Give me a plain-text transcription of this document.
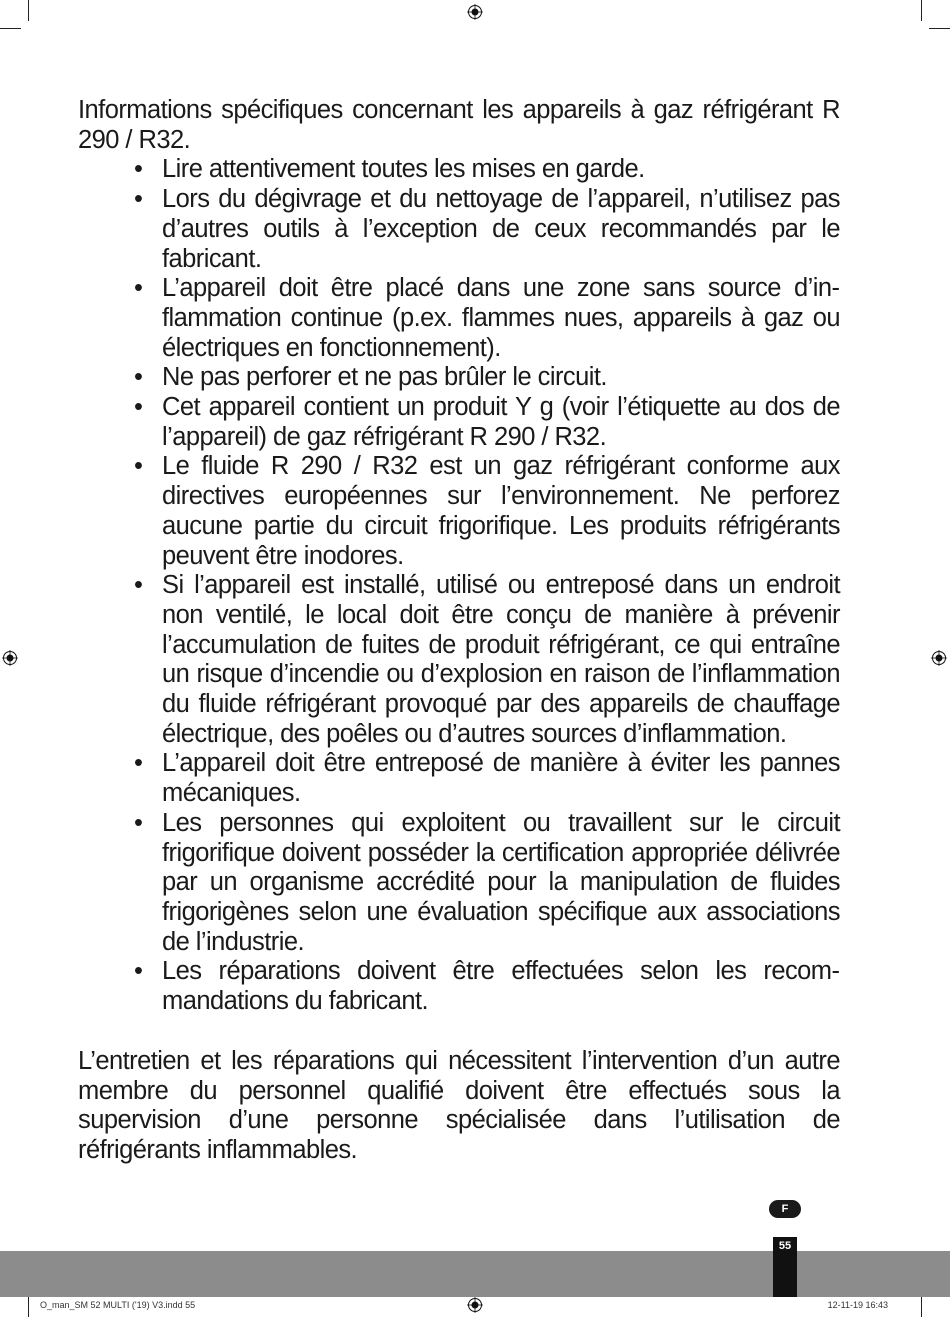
Informations spécifiques concernant les appareils à gaz réfrigérant R 290 / R32.

• Lire attentivement toutes les mises en garde.
• Lors du dégivrage et du nettoyage de l’appareil, n’utilisez pas d’autres outils à l’exception de ceux recommandés par le fabricant.
• L’appareil doit être placé dans une zone sans source d’inflammation continue (p.ex. flammes nues, appareils à gaz ou électriques en fonctionnement).
• Ne pas perforer et ne pas brûler le circuit.
• Cet appareil contient un produit Y g (voir l’étiquette au dos de l’appareil) de gaz réfrigérant R 290 / R32.
• Le fluide R 290 / R32 est un gaz réfrigérant conforme aux directives européennes sur l’environnement. Ne perforez aucune partie du circuit frigorifique. Les produits réfrigérants peuvent être inodores.
• Si l’appareil est installé, utilisé ou entreposé dans un endroit non ventilé, le local doit être conçu de manière à prévenir l’accumulation de fuites de produit réfrigérant, ce qui entraîne un risque d’incendie ou d’explosion en raison de l’inflammation du fluide réfrigérant provoqué par des appareils de chauffage électrique, des poêles ou d’autres sources d’inflammation.
• L’appareil doit être entreposé de manière à éviter les pannes mécaniques.
• Les personnes qui exploitent ou travaillent sur le circuit frigorifique doivent posséder la certification appropriée délivrée par un organisme accrédité pour la manipulation de fluides frigorigènes selon une évaluation spécifique aux associations de l’industrie.
• Les réparations doivent être effectuées selon les recommandations du fabricant.

L’entretien et les réparations qui nécessitent l’intervention d’un autre membre du personnel qualifié doivent être effectués sous la supervision d’une personne spécialisée dans l’utilisation de réfrigérants inflammables.

F
55
O_man_SM 52 MULTI ('19) V3.indd 55	12-11-19 16:43
